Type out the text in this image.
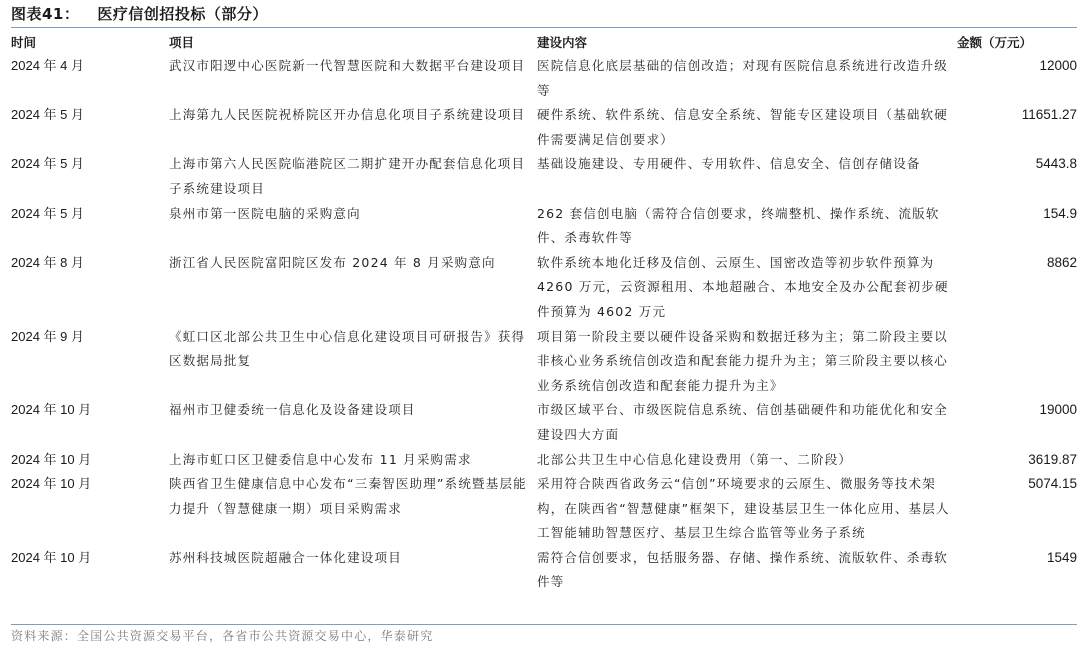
图表41： 医疗信创招投标（部分）
时间	项目	建设内容	金额（万元）
2024 年 4 月	武汉市阳逻中心医院新一代智慧医院和大数据平台建设项目	医院信息化底层基础的信创改造；对现有医院信息系统进行改造升级等	12000
2024 年 5 月	上海第九人民医院祝桥院区开办信息化项目子系统建设项目	硬件系统、软件系统、信息安全系统、智能专区建设项目（基础软硬件需要满足信创要求）	11651.27
2024 年 5 月	上海市第六人民医院临港院区二期扩建开办配套信息化项目子系统建设项目	基础设施建设、专用硬件、专用软件、信息安全、信创存储设备	5443.8
2024 年 5 月	泉州市第一医院电脑的采购意向	262 套信创电脑（需符合信创要求，终端整机、操作系统、流版软件、杀毒软件等	154.9
2024 年 8 月	浙江省人民医院富阳院区发布 2024 年 8 月采购意向	软件系统本地化迁移及信创、云原生、国密改造等初步软件预算为 4260 万元，云资源租用、本地超融合、本地安全及办公配套初步硬件预算为 4602 万元	8862
2024 年 9 月	《虹口区北部公共卫生中心信息化建设项目可研报告》获得区数据局批复	项目第一阶段主要以硬件设备采购和数据迁移为主；第二阶段主要以非核心业务系统信创改造和配套能力提升为主；第三阶段主要以核心业务系统信创改造和配套能力提升为主》	
2024 年 10 月	福州市卫健委统一信息化及设备建设项目	市级区域平台、市级医院信息系统、信创基础硬件和功能优化和安全建设四大方面	19000
2024 年 10 月	上海市虹口区卫健委信息中心发布 11 月采购需求	北部公共卫生中心信息化建设费用（第一、二阶段）	3619.87
2024 年 10 月	陕西省卫生健康信息中心发布“三秦智医助理”系统暨基层能力提升（智慧健康一期）项目采购需求	采用符合陕西省政务云“信创”环境要求的云原生、微服务等技术架构，在陕西省“智慧健康”框架下，建设基层卫生一体化应用、基层人工智能辅助智慧医疗、基层卫生综合监管等业务子系统	5074.15
2024 年 10 月	苏州科技城医院超融合一体化建设项目	需符合信创要求，包括服务器、存储、操作系统、流版软件、杀毒软件等	1549
资料来源：全国公共资源交易平台，各省市公共资源交易中心，华泰研究
